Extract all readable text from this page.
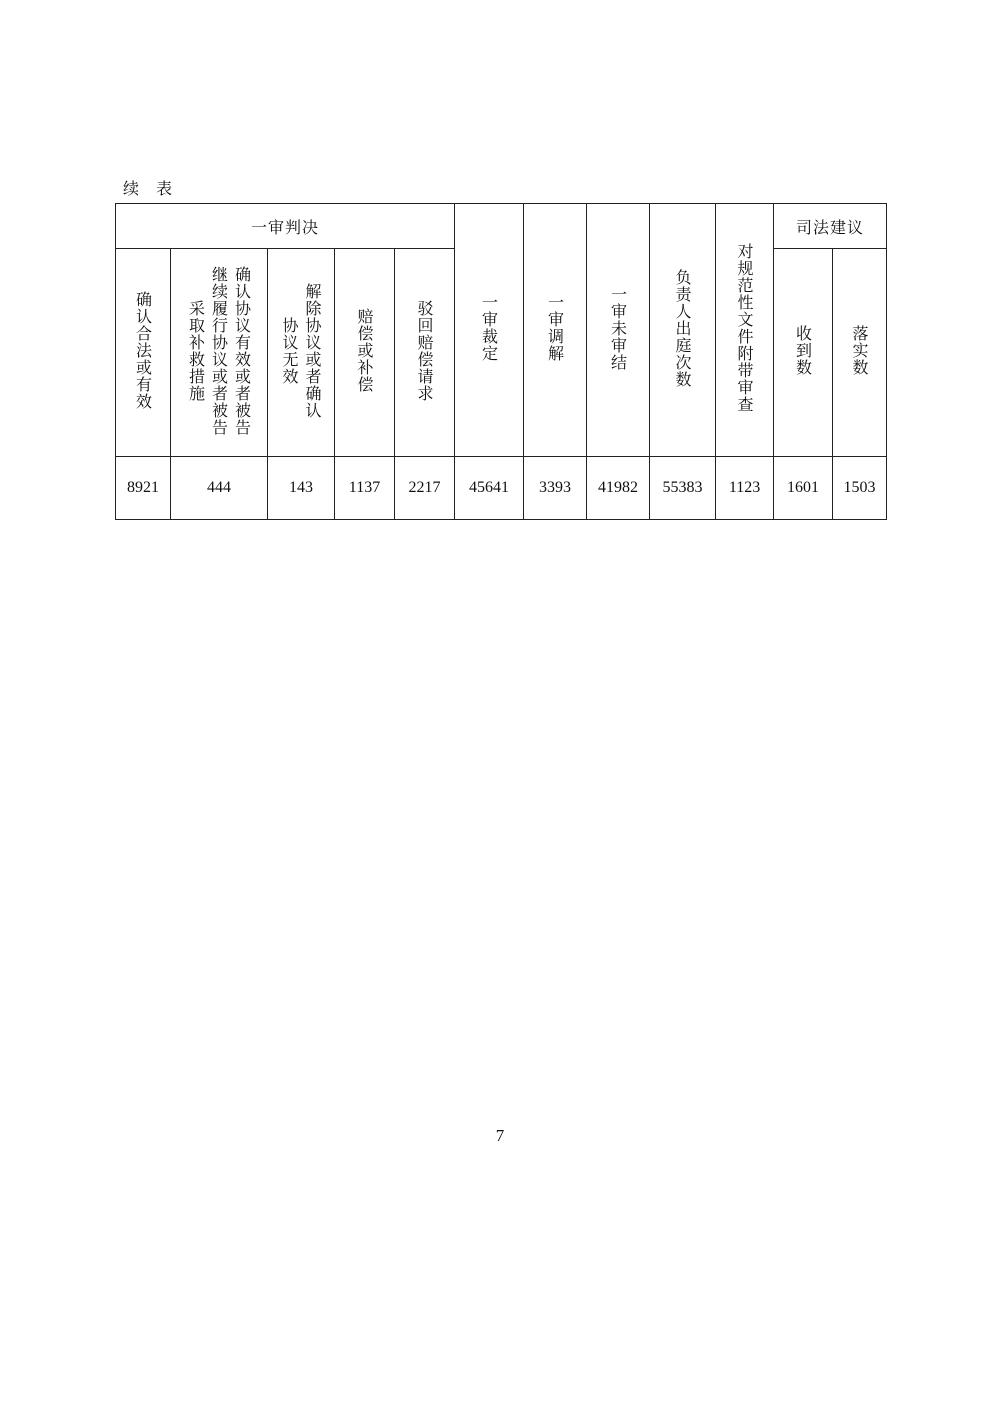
续 表
一审判决					一审裁定	一审调解	一审未审结	负责人出庭次数	对规范性文件附带审查	司法建议	
确认合法或有效	确认协议有效或者被告继续履行协议或者被告采取补救措施	解除协议或者确认协议无效	赔偿或补偿	驳回赔偿请求						收到数	落实数
8921	444	143	1137	2217	45641	3393	41982	55383	1123	1601	1503
7
